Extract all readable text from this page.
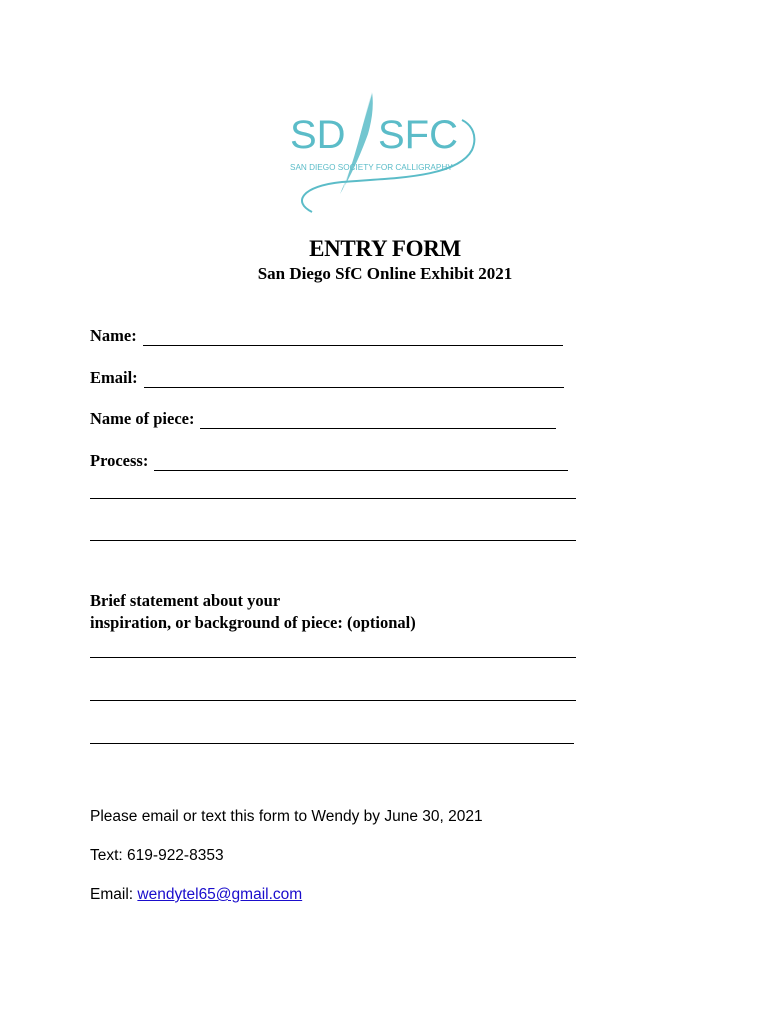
SD SFC
SAN DIEGO SOCIETY FOR CALLIGRAPHY
ENTRY FORM
San Diego SfC Online Exhibit 2021
Name:
Email:
Name of piece:
Process:
Brief statement about your
inspiration, or background of piece: (optional)
Please email or text this form to Wendy by June 30, 2021
Text: 619-922-8353
Email: wendytel65@gmail.com
